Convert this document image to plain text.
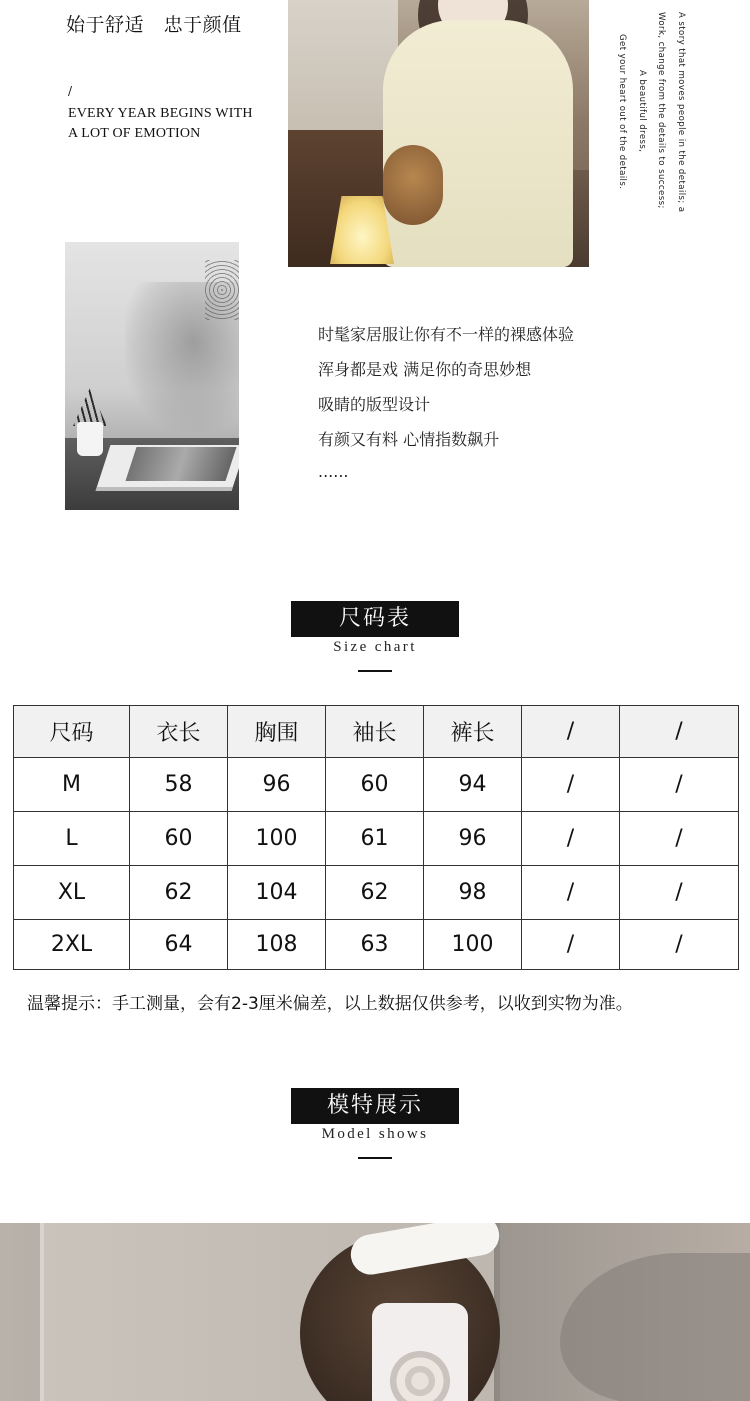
始于舒适   忠于颜值
/
EVERY YEAR BEGINS WITH
A LOT OF EMOTION	A story that moves people in the details; a
Work, change from the details to success;
A beautiful dress,
Get your heart out of the details.
时髦家居服让你有不一样的裸感体验
浑身都是戏 满足你的奇思妙想
吸睛的版型设计
有颜又有料 心情指数飙升
......
尺码表
Size chart
尺码	衣长	胸围	袖长	裤长	/	/
M	58	96	60	94	/	/
L	60	100	61	96	/	/
XL	62	104	62	98	/	/
2XL	64	108	63	100	/	/
温馨提示：手工测量，会有2-3厘米偏差，以上数据仅供参考，以收到实物为准。
模特展示
Model shows
